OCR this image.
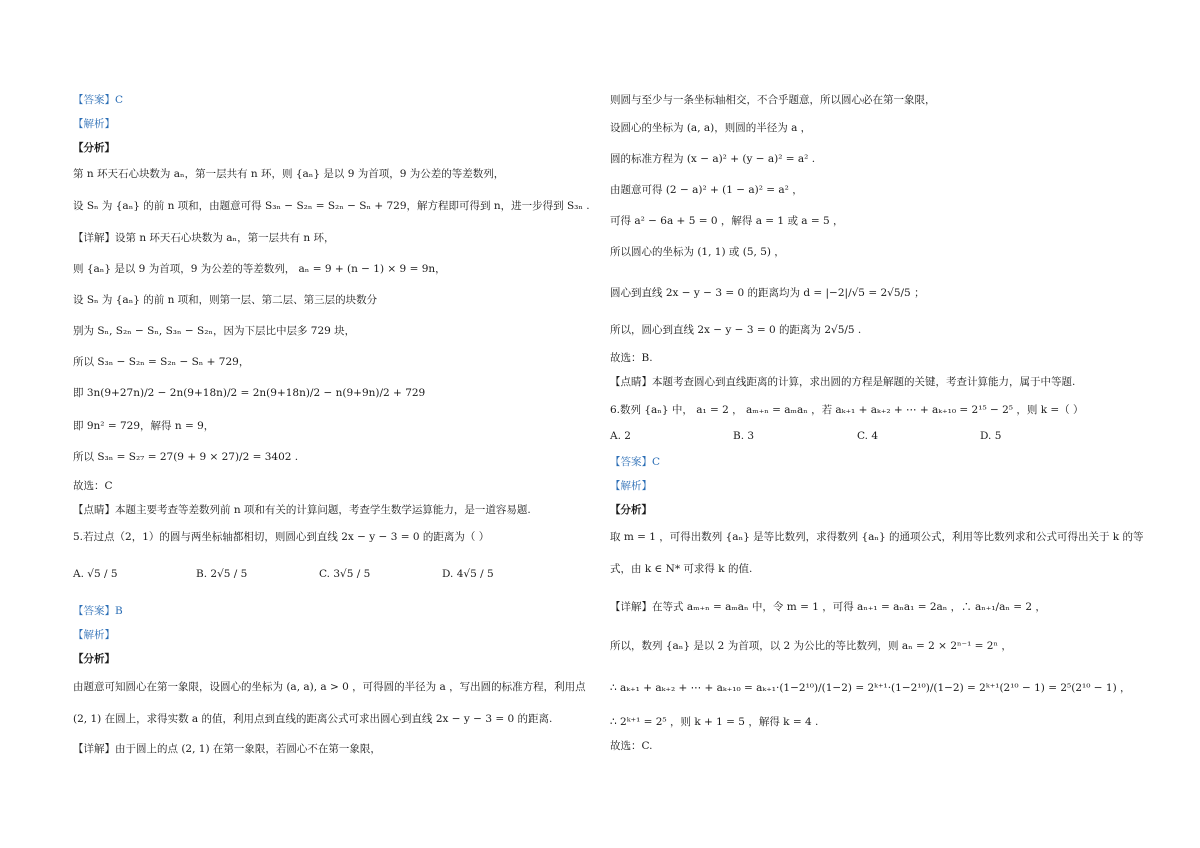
【答案】C
【解析】
【分析】
第 n 环天石心块数为 aₙ，第一层共有 n 环，则 {aₙ} 是以 9 为首项，9 为公差的等差数列，
设 Sₙ 为 {aₙ} 的前 n 项和，由题意可得 S₃ₙ − S₂ₙ = S₂ₙ − Sₙ + 729，解方程即可得到 n，进一步得到 S₃ₙ .
【详解】设第 n 环天石心块数为 aₙ，第一层共有 n 环，
则 {aₙ} 是以 9 为首项，9 为公差的等差数列， aₙ = 9 + (n − 1) × 9 = 9n，
设 Sₙ 为 {aₙ} 的前 n 项和，则第一层、第二层、第三层的块数分
别为 Sₙ, S₂ₙ − Sₙ, S₃ₙ − S₂ₙ，因为下层比中层多 729 块，
所以 S₃ₙ − S₂ₙ = S₂ₙ − Sₙ + 729，
即 3n(9+27n)/2 − 2n(9+18n)/2 = 2n(9+18n)/2 − n(9+9n)/2 + 729
即 9n² = 729，解得 n = 9，
所以 S₃ₙ = S₂₇ = 27(9 + 9 × 27)/2 = 3402 .
故选：C
【点睛】本题主要考查等差数列前 n 项和有关的计算问题，考查学生数学运算能力，是一道容易题.
5.若过点（2，1）的圆与两坐标轴都相切，则圆心到直线 2x − y − 3 = 0 的距离为（ ）
【答案】B
【解析】
【分析】
由题意可知圆心在第一象限，设圆心的坐标为 (a, a), a > 0 ，可得圆的半径为 a ，写出圆的标准方程，利用点
(2, 1) 在圆上，求得实数 a 的值，利用点到直线的距离公式可求出圆心到直线 2x − y − 3 = 0 的距离.
【详解】由于圆上的点 (2, 1) 在第一象限，若圆心不在第一象限，
A. √5 / 5	B. 2√5 / 5	C. 3√5 / 5	D. 4√5 / 5
则圆与至少与一条坐标轴相交，不合乎题意，所以圆心必在第一象限，
设圆心的坐标为 (a, a)，则圆的半径为 a ，
圆的标准方程为 (x − a)² + (y − a)² = a² .
由题意可得 (2 − a)² + (1 − a)² = a² ，
可得 a² − 6a + 5 = 0 ，解得 a = 1 或 a = 5 ，
所以圆心的坐标为 (1, 1) 或 (5, 5) ，
圆心到直线 2x − y − 3 = 0 的距离均为 d = |−2|/√5 = 2√5/5 ；
所以，圆心到直线 2x − y − 3 = 0 的距离为 2√5/5 .
故选：B.
【点睛】本题考查圆心到直线距离的计算，求出圆的方程是解题的关键，考查计算能力，属于中等题.
6.数列 {aₙ} 中， a₁ = 2 ， aₘ₊ₙ = aₘaₙ ，若 aₖ₊₁ + aₖ₊₂ + ⋯ + aₖ₊₁₀ = 2¹⁵ − 2⁵ ，则 k =（ ）
【答案】C
【解析】
【分析】
取 m = 1 ，可得出数列 {aₙ} 是等比数列，求得数列 {aₙ} 的通项公式，利用等比数列求和公式可得出关于 k 的等
式，由 k ∈ N* 可求得 k 的值.
【详解】在等式 aₘ₊ₙ = aₘaₙ 中，令 m = 1 ，可得 aₙ₊₁ = aₙa₁ = 2aₙ ，∴ aₙ₊₁/aₙ = 2 ，
所以，数列 {aₙ} 是以 2 为首项，以 2 为公比的等比数列，则 aₙ = 2 × 2ⁿ⁻¹ = 2ⁿ ，
∴ aₖ₊₁ + aₖ₊₂ + ⋯ + aₖ₊₁₀ = aₖ₊₁·(1−2¹⁰)/(1−2) = 2ᵏ⁺¹·(1−2¹⁰)/(1−2) = 2ᵏ⁺¹(2¹⁰ − 1) = 2⁵(2¹⁰ − 1) ，
∴ 2ᵏ⁺¹ = 2⁵ ，则 k + 1 = 5 ，解得 k = 4 .
故选：C.
A. 2	B. 3	C. 4	D. 5
